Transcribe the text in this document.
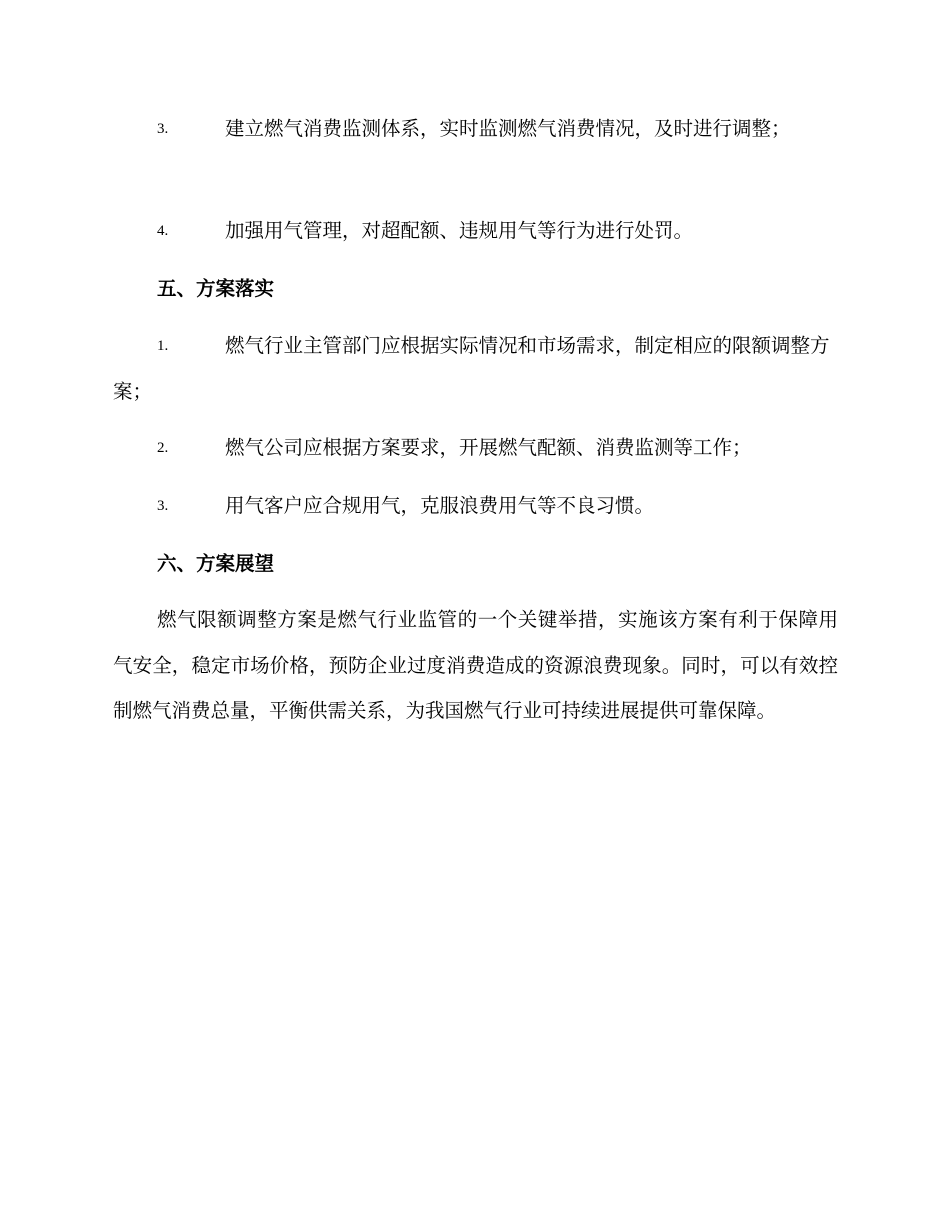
3.	建立燃气消费监测体系，实时监测燃气消费情况，及时进行调整；
4.	加强用气管理，对超配额、违规用气等行为进行处罚。
五、方案落实
1.	燃气行业主管部门应根据实际情况和市场需求，制定相应的限额调整方案；
2.	燃气公司应根据方案要求，开展燃气配额、消费监测等工作；
3.	用气客户应合规用气，克服浪费用气等不良习惯。
六、方案展望
燃气限额调整方案是燃气行业监管的一个关键举措，实施该方案有利于保障用气安全，稳定市场价格，预防企业过度消费造成的资源浪费现象。同时，可以有效控制燃气消费总量，平衡供需关系，为我国燃气行业可持续进展提供可靠保障。
